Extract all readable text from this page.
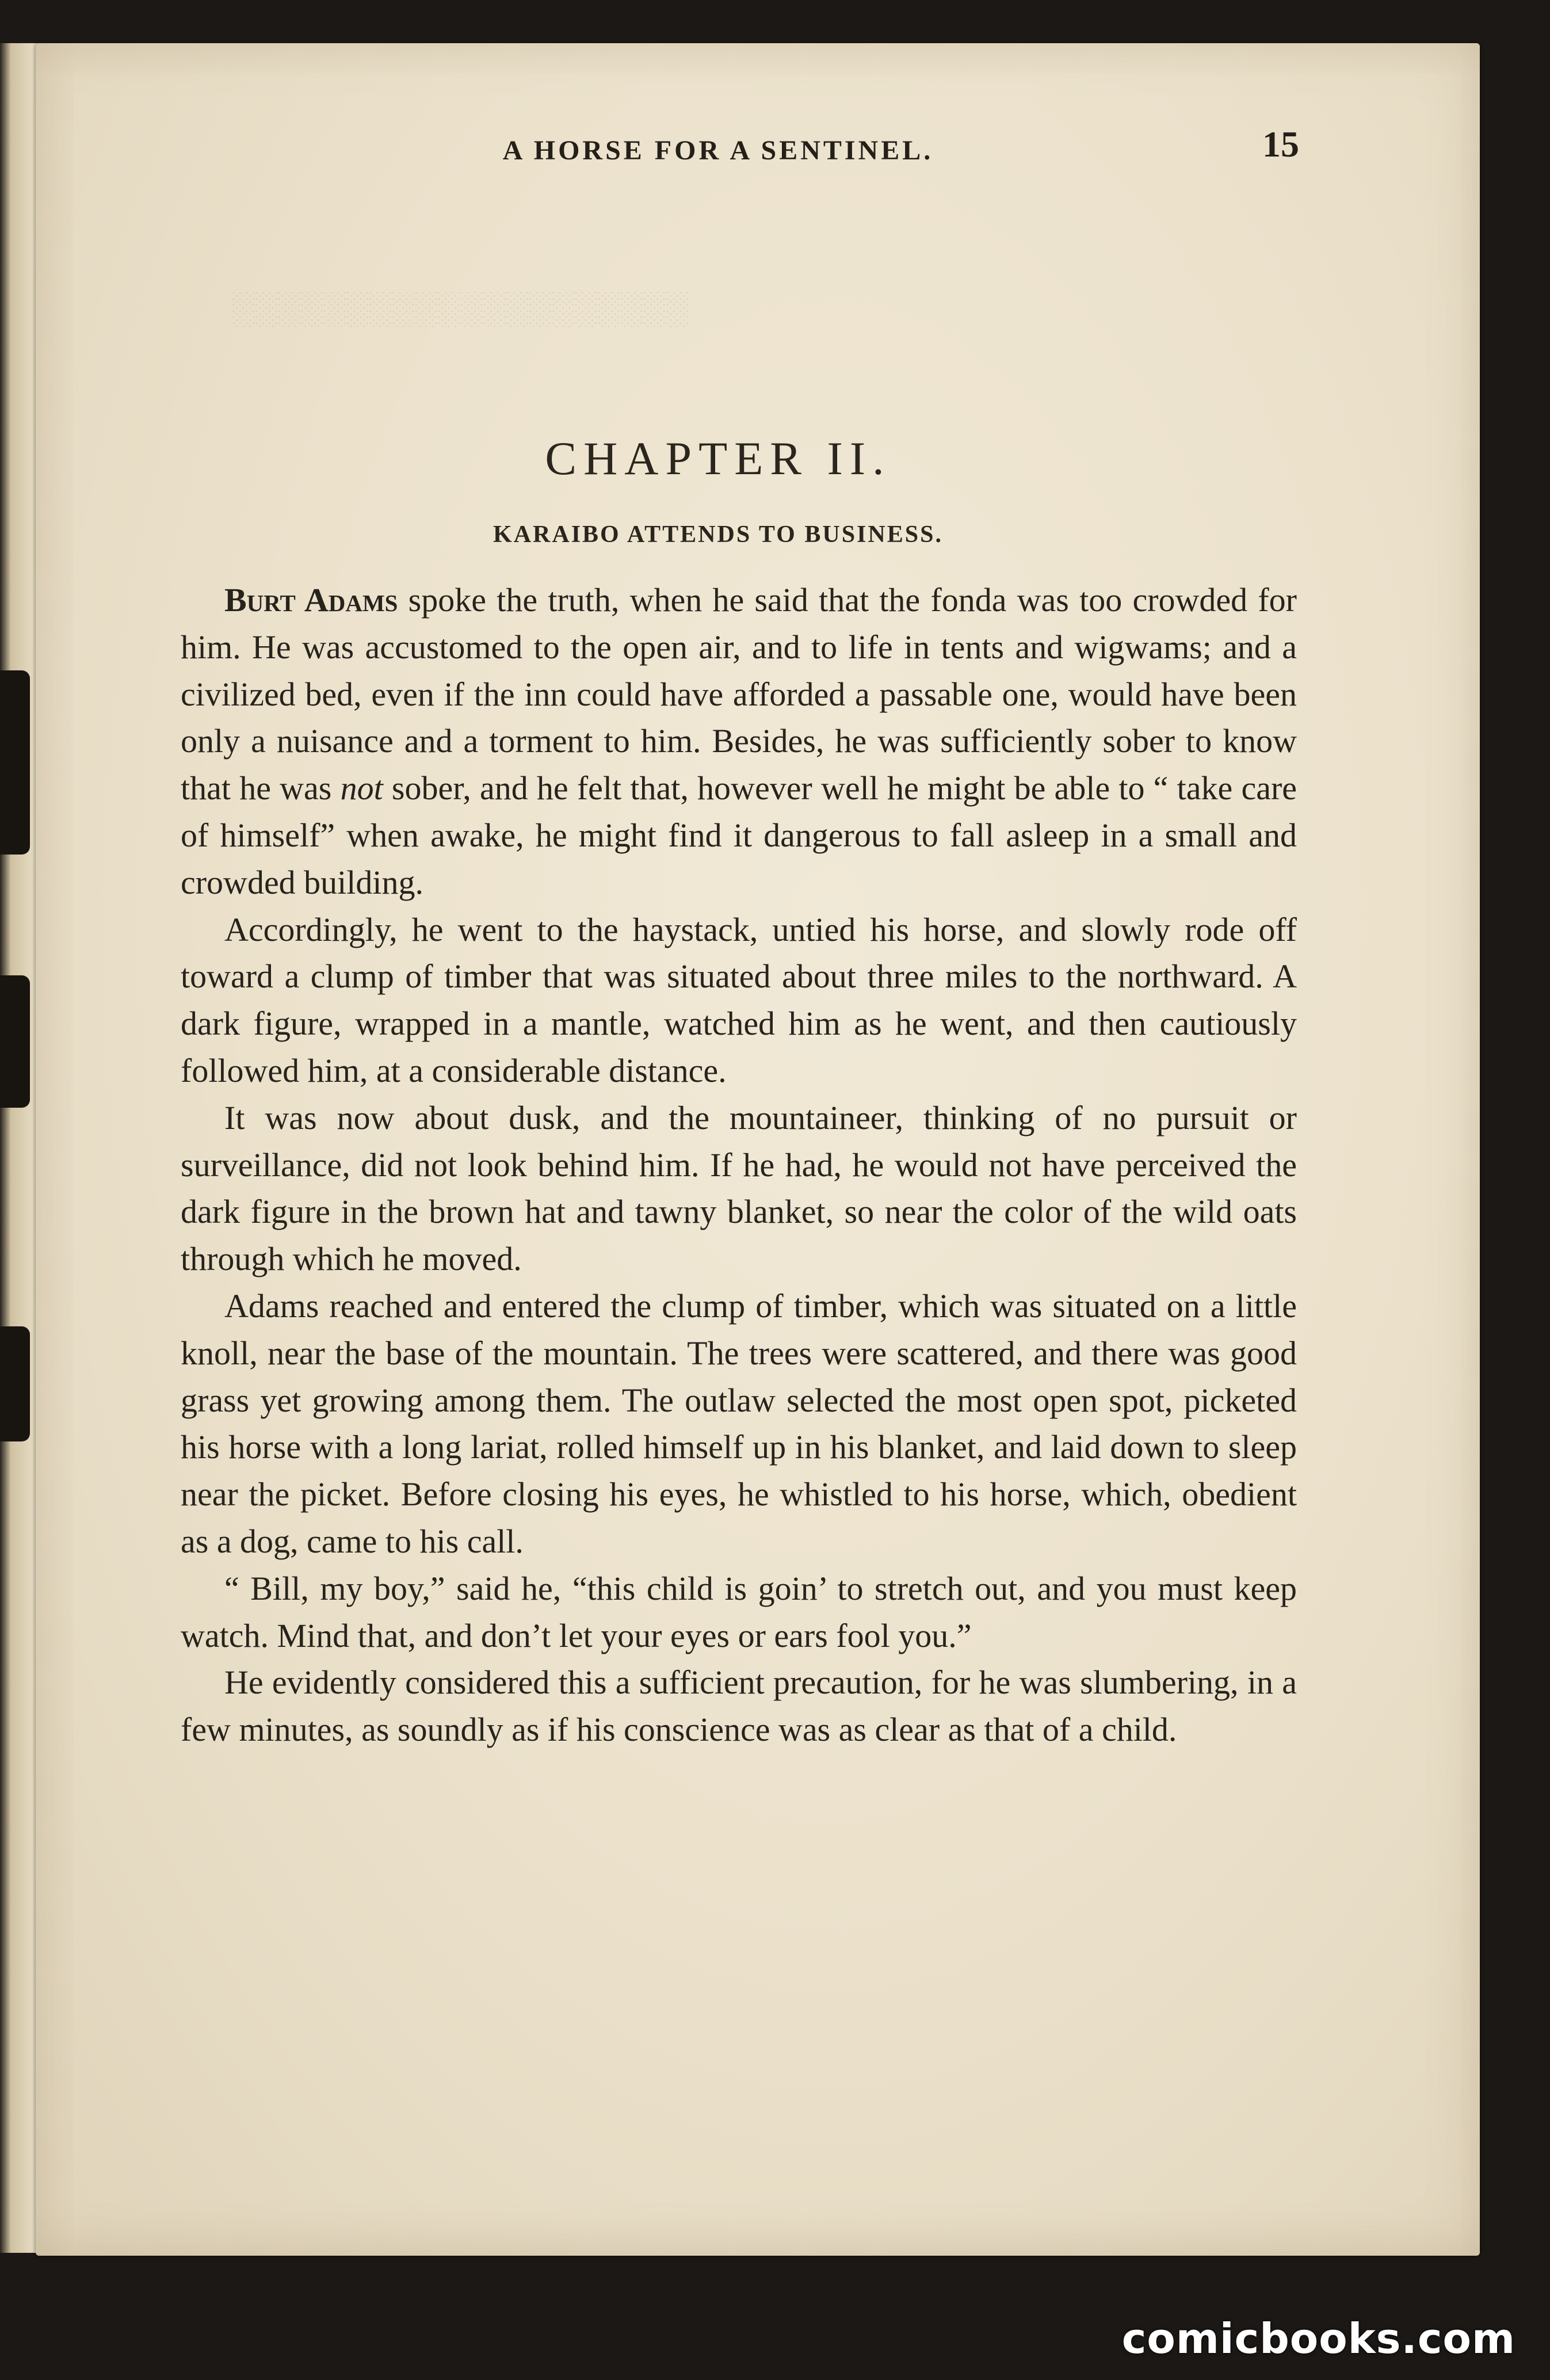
░░░░░░░░░░░░░░░░░░░░
A HORSE FOR A SENTINEL.	15
CHAPTER II.
KARAIBO ATTENDS TO BUSINESS.

Burt Adams spoke the truth, when he said that the fonda was too crowded for him. He was accustomed to the open air, and to life in tents and wigwams; and a civilized bed, even if the inn could have afforded a passable one, would have been only a nuisance and a torment to him. Besides, he was sufficiently sober to know that he was not sober, and he felt that, however well he might be able to “ take care of himself” when awake, he might find it dangerous to fall asleep in a small and crowded building.

Accordingly, he went to the haystack, untied his horse, and slowly rode off toward a clump of timber that was situated about three miles to the northward. A dark figure, wrapped in a mantle, watched him as he went, and then cautiously followed him, at a considerable distance.

It was now about dusk, and the mountaineer, thinking of no pursuit or surveillance, did not look behind him. If he had, he would not have perceived the dark figure in the brown hat and tawny blanket, so near the color of the wild oats through which he moved.

Adams reached and entered the clump of timber, which was situated on a little knoll, near the base of the mountain. The trees were scattered, and there was good grass yet growing among them. The outlaw selected the most open spot, picketed his horse with a long lariat, rolled himself up in his blanket, and laid down to sleep near the picket. Before closing his eyes, he whistled to his horse, which, obedient as a dog, came to his call.

“ Bill, my boy,” said he, “this child is goin’ to stretch out, and you must keep watch. Mind that, and don’t let your eyes or ears fool you.”

He evidently considered this a sufficient precaution, for he was slumbering, in a few minutes, as soundly as if his conscience was as clear as that of a child.

comicbooks.com
